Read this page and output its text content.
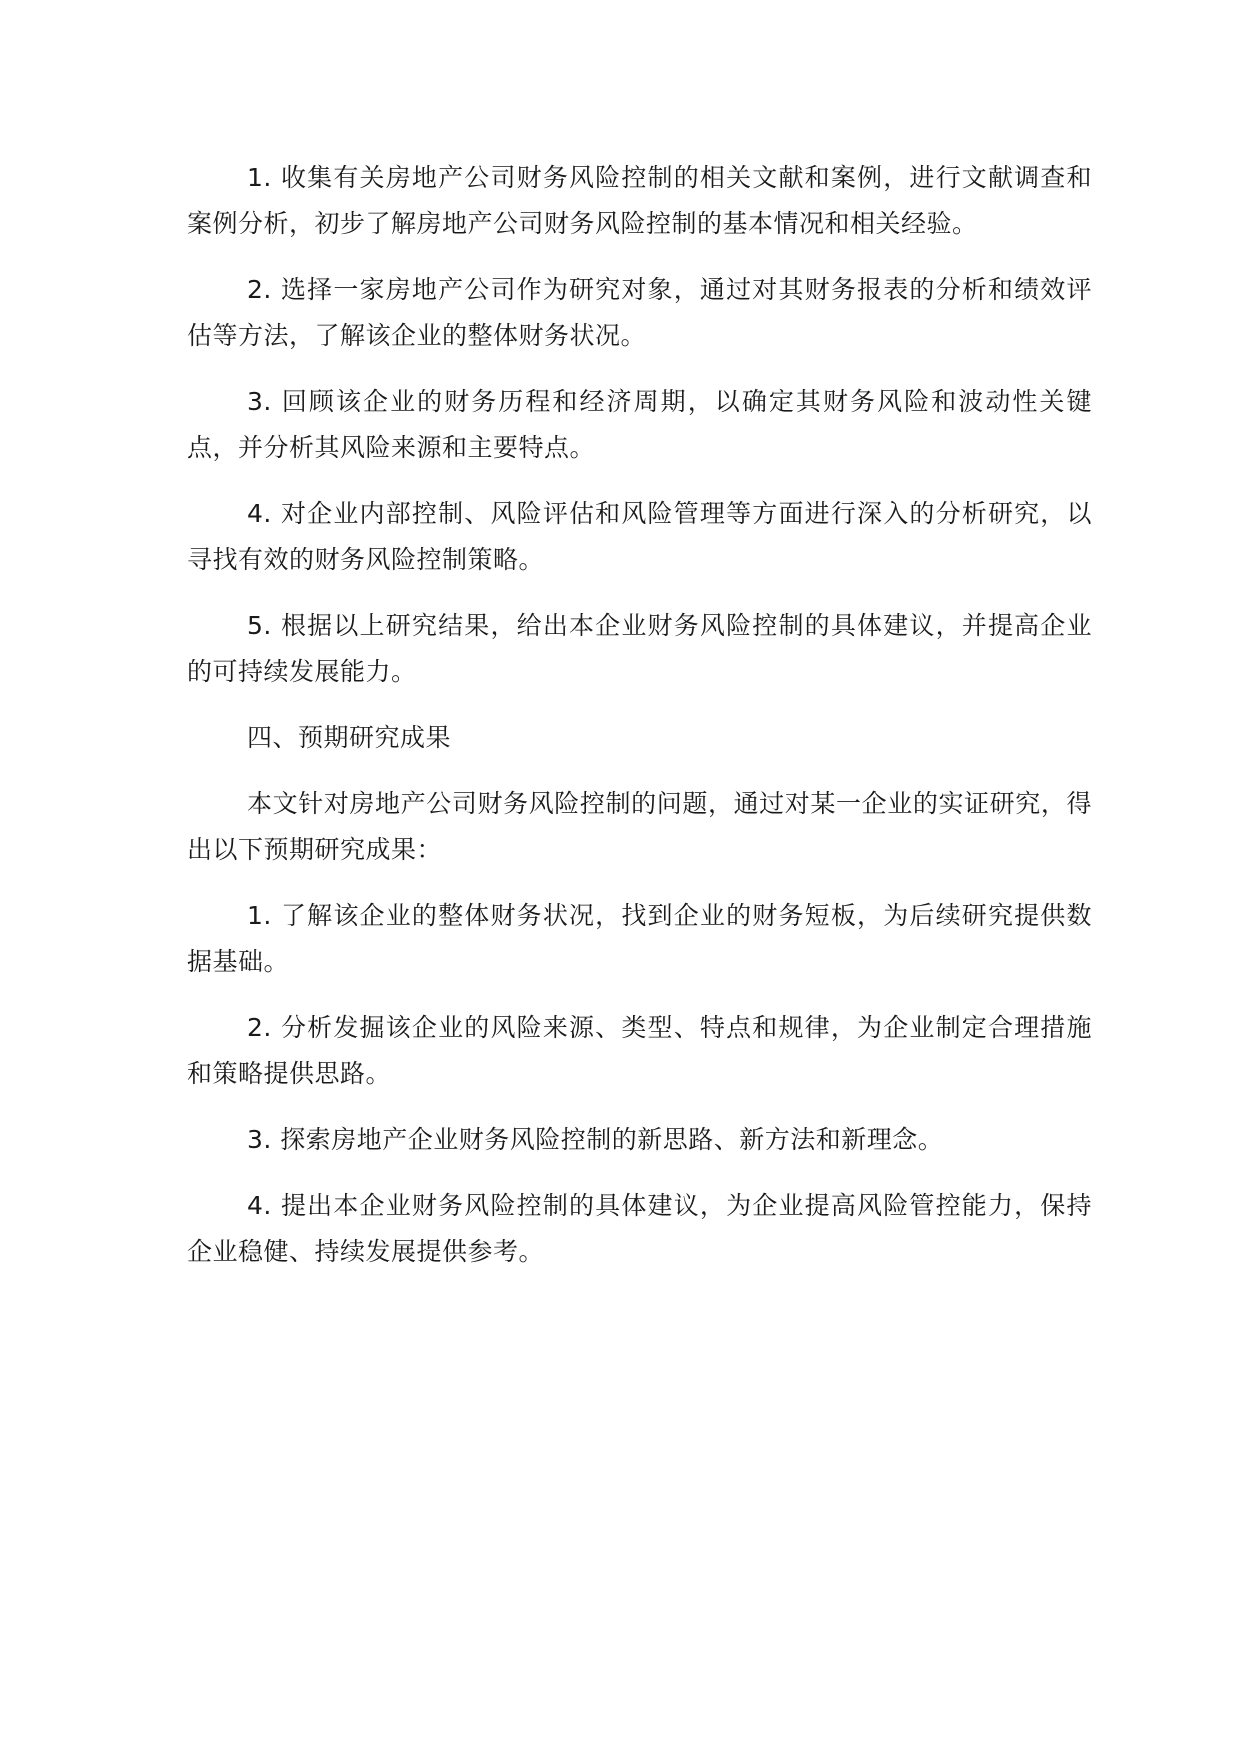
1. 收集有关房地产公司财务风险控制的相关文献和案例，进行文献调查和案例分析，初步了解房地产公司财务风险控制的基本情况和相关经验。

2. 选择一家房地产公司作为研究对象，通过对其财务报表的分析和绩效评估等方法，了解该企业的整体财务状况。

3. 回顾该企业的财务历程和经济周期，以确定其财务风险和波动性关键点，并分析其风险来源和主要特点。

4. 对企业内部控制、风险评估和风险管理等方面进行深入的分析研究，以寻找有效的财务风险控制策略。

5. 根据以上研究结果，给出本企业财务风险控制的具体建议，并提高企业的可持续发展能力。

四、预期研究成果

本文针对房地产公司财务风险控制的问题，通过对某一企业的实证研究，得出以下预期研究成果：

1. 了解该企业的整体财务状况，找到企业的财务短板，为后续研究提供数据基础。

2. 分析发掘该企业的风险来源、类型、特点和规律，为企业制定合理措施和策略提供思路。

3. 探索房地产企业财务风险控制的新思路、新方法和新理念。

4. 提出本企业财务风险控制的具体建议，为企业提高风险管控能力，保持企业稳健、持续发展提供参考。
